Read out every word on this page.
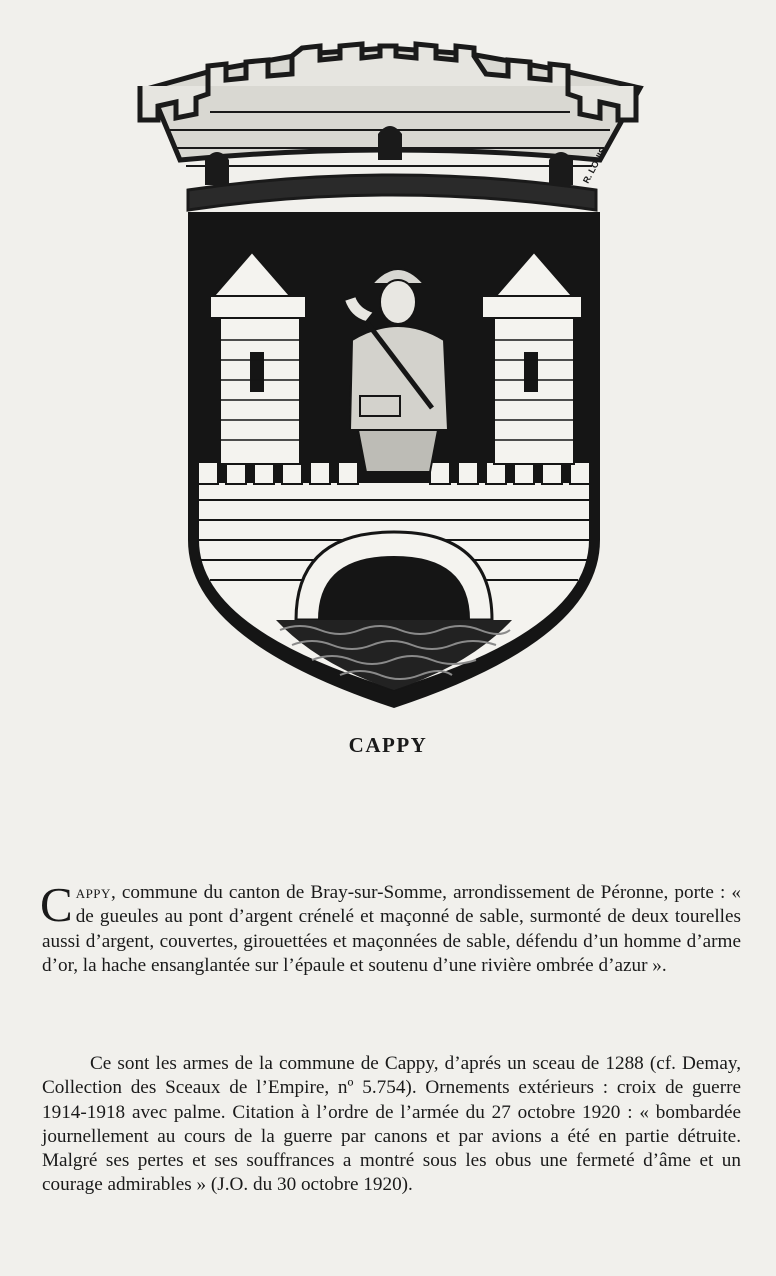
R. LOUIS
CAPPY
Cappy, commune du canton de Bray-sur-Somme, arrondissement de Péronne, porte : « de gueules au pont d’argent crénelé et maçonné de sable, surmonté de deux tourelles aussi d’argent, couvertes, girouettées et maçonnées de sable, défendu d’un homme d’arme d’or, la hache ensanglantée sur l’épaule et soutenu d’une rivière ombrée d’azur ».
Ce sont les armes de la commune de Cappy, d’aprés un sceau de 1288 (cf. Demay, Collection des Sceaux de l’Empire, nº 5.754). Ornements extérieurs : croix de guerre 1914-1918 avec palme. Citation à l’ordre de l’armée du 27 octobre 1920 : « bombardée journellement au cours de la guerre par canons et par avions a été en partie détruite. Malgré ses pertes et ses souffrances a montré sous les obus une fermeté d’âme et un courage admirables » (J.O. du 30 octobre 1920).
